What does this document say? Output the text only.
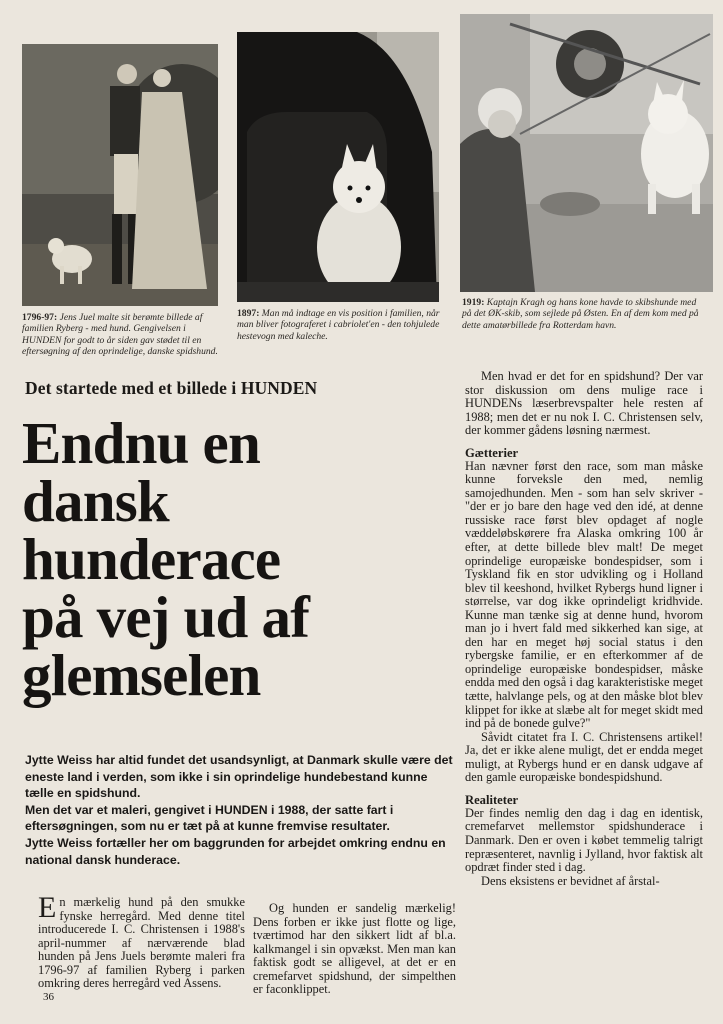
1796-97: Jens Juel malte sit berømte billede af familien Ryberg - med hund. Gengivelsen i HUNDEN for godt to år siden gav stødet til en eftersøgning af den oprindelige, danske spidshund.
1897: Man må indtage en vis position i familien, når man bliver fotograferet i cabriolet'en - den tohjulede hestevogn med kaleche.
1919: Kaptajn Kragh og hans kone havde to skibshunde med på det ØK-skib, som sejlede på Østen. En af dem kom med på dette amatørbillede fra Rotterdam havn.
Det startede med et billede i HUNDEN
Endnu en
dansk
hunderace
på vej ud af
glemselen

Jytte Weiss har altid fundet det usandsynligt, at Danmark skulle være det eneste land i verden, som ikke i sin oprindelige hundebestand kunne tælle en spidshund.

Men det var et maleri, gengivet i HUNDEN i 1988, der satte fart i eftersøgningen, som nu er tæt på at kunne fremvise resultater.

Jytte Weiss fortæller her om baggrunden for arbejdet omkring endnu en national dansk hunderace.

En mærkelig hund på den smukke fynske herregård. Med denne titel introducerede I. C. Christensen i 1988's april-nummer af nærværende blad hunden på Jens Juels berømte maleri fra 1796-97 af familien Ryberg i parken omkring deres herregård ved Assens.

Og hunden er sandelig mærkelig! Dens forben er ikke just flotte og lige, tværtimod har den sikkert lidt af bl.a. kalkmangel i sin opvækst. Men man kan faktisk godt se alligevel, at det er en cremefarvet spidshund, der simpelthen er faconklippet.

Men hvad er det for en spidshund? Der var stor diskussion om dens mulige race i HUNDENs læserbrevspalter hele resten af 1988; men det er nu nok I. C. Christensen selv, der kommer gådens løsning nærmest.

Gætterier

Han nævner først den race, som man måske kunne forveksle den med, nemlig samojedhunden. Men - som han selv skriver - "der er jo bare den hage ved den idé, at denne russiske race først blev opdaget af nogle væddeløbskørere fra Alaska omkring 100 år efter, at dette billede blev malt! De meget oprindelige europæiske bondespidser, som i Tyskland fik en stor udvikling og i Holland blev til keeshond, hvilket Rybergs hund ligner i størrelse, var dog ikke oprindeligt kridhvide. Kunne man tænke sig at denne hund, hvorom man jo i hvert fald med sikkerhed kan sige, at den har en meget høj social status i den rybergske familie, er en efterkommer af de oprindelige europæiske bondespidser, måske endda med den også i dag karakteristiske meget tætte, halvlange pels, og at den måske blot blev klippet for ikke at slæbe alt for meget skidt med ind på de bonede gulve?"

Såvidt citatet fra I. C. Christensens artikel! Ja, det er ikke alene muligt, det er endda meget muligt, at Rybergs hund er en dansk udgave af den gamle europæiske bondespidshund.

Realiteter

Der findes nemlig den dag i dag en identisk, cremefarvet mellemstor spidshunderace i Danmark. Den er oven i købet temmelig talrigt repræsenteret, navnlig i Jylland, hvor faktisk alt opdræt finder sted i dag.

Dens eksistens er bevidnet af årstal-

36
